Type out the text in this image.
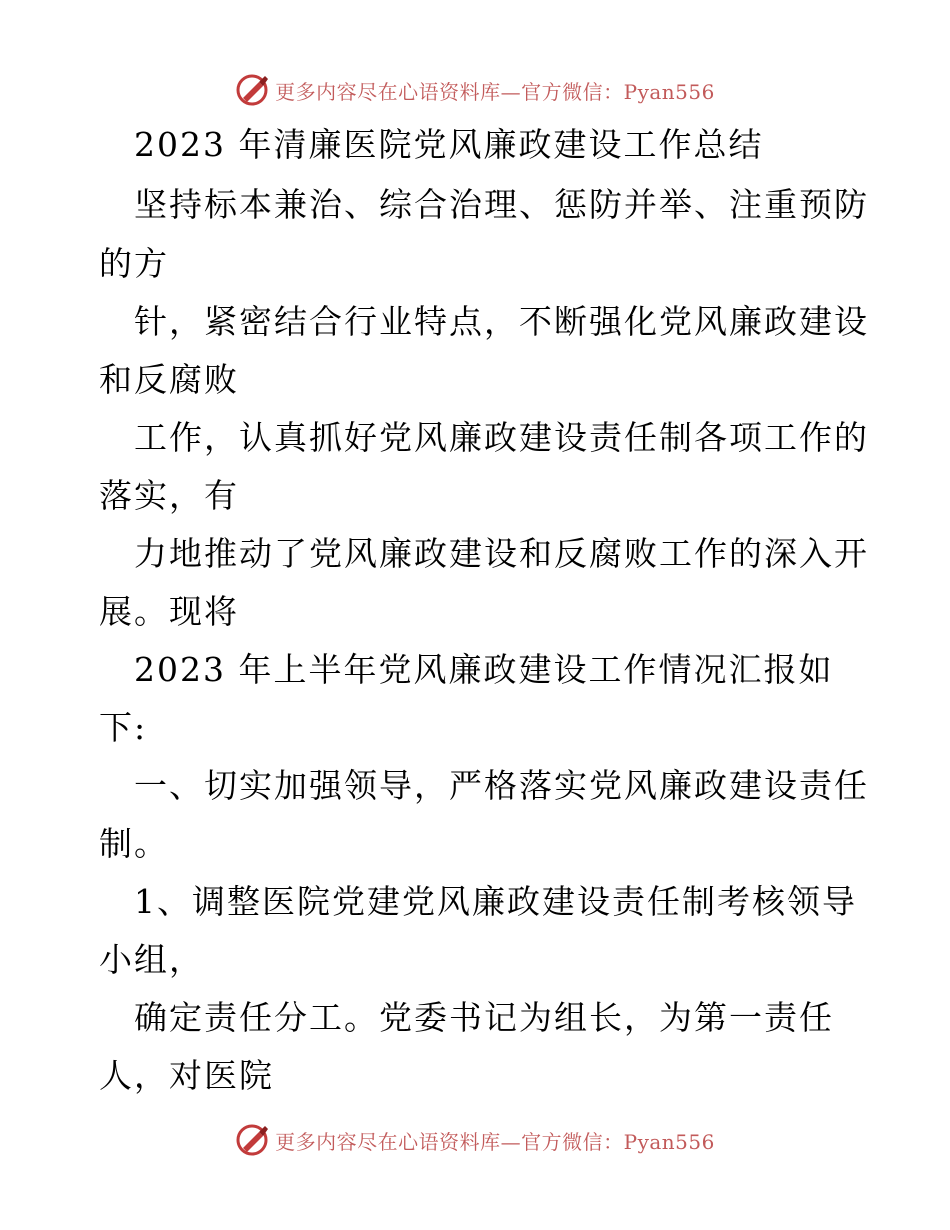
更多内容尽在心语资料库—官方微信：Pyan556
2023 年清廉医院党风廉政建设工作总结
坚持标本兼治、综合治理、惩防并举、注重预防
的方
针，紧密结合行业特点，不断强化党风廉政建设
和反腐败
工作，认真抓好党风廉政建设责任制各项工作的
落实，有
力地推动了党风廉政建设和反腐败工作的深入开
展。现将
2023 年上半年党风廉政建设工作情况汇报如
下:
一、切实加强领导，严格落实党风廉政建设责任
制。
1、调整医院党建党风廉政建设责任制考核领导
小组，
确定责任分工。党委书记为组长，为第一责任
人，对医院
更多内容尽在心语资料库—官方微信：Pyan556
